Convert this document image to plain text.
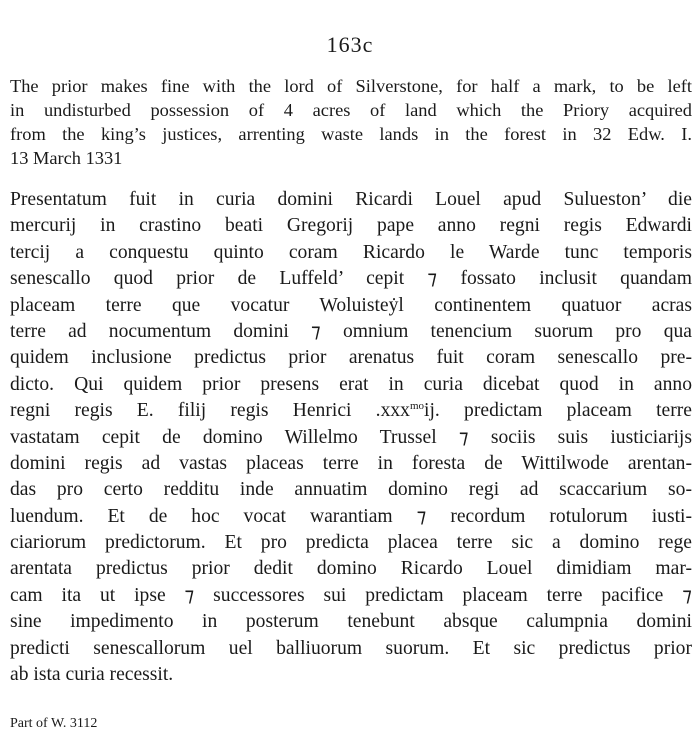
163c
The prior makes fine with the lord of Silverstone, for half a mark, to be left
in undisturbed possession of 4 acres of land which the Priory acquired
from the king’s justices, arrenting waste lands in the forest in 32 Edw. I.
13 March 1331
Presentatum fuit in curia domini Ricardi Louel apud Sulueston’ die
mercurij in crastino beati Gregorij pape anno regni regis Edwardi
tercij a conquestu quinto coram Ricardo le Warde tunc temporis
senescallo quod prior de Luffeld’ cepit ⁊ fossato inclusit quandam
placeam terre que vocatur Woluisteẏl continentem quatuor acras
terre ad nocumentum domini ⁊ omnium tenencium suorum pro qua
quidem inclusione predictus prior arenatus fuit coram senescallo pre-
dicto. Qui quidem prior presens erat in curia dicebat quod in anno
regni regis E. filij regis Henrici .xxx$^{mo}$ij. predictam placeam terre
vastatam cepit de domino Willelmo Trussel ⁊ sociis suis iusticiarijs
domini regis ad vastas placeas terre in foresta de Wittilwode arentan-
das pro certo redditu inde annuatim domino regi ad scaccarium so-
luendum. Et de hoc vocat warantiam ⁊ recordum rotulorum iusti-
ciariorum predictorum. Et pro predicta placea terre sic a domino rege
arentata predictus prior dedit domino Ricardo Louel dimidiam mar-
cam ita ut ipse ⁊ successores sui predictam placeam terre pacifice ⁊
sine impedimento in posterum tenebunt absque calumpnia domini
predicti senescallorum uel balliuorum suorum. Et sic predictus prior
ab ista curia recessit.
Part of W. 3112
